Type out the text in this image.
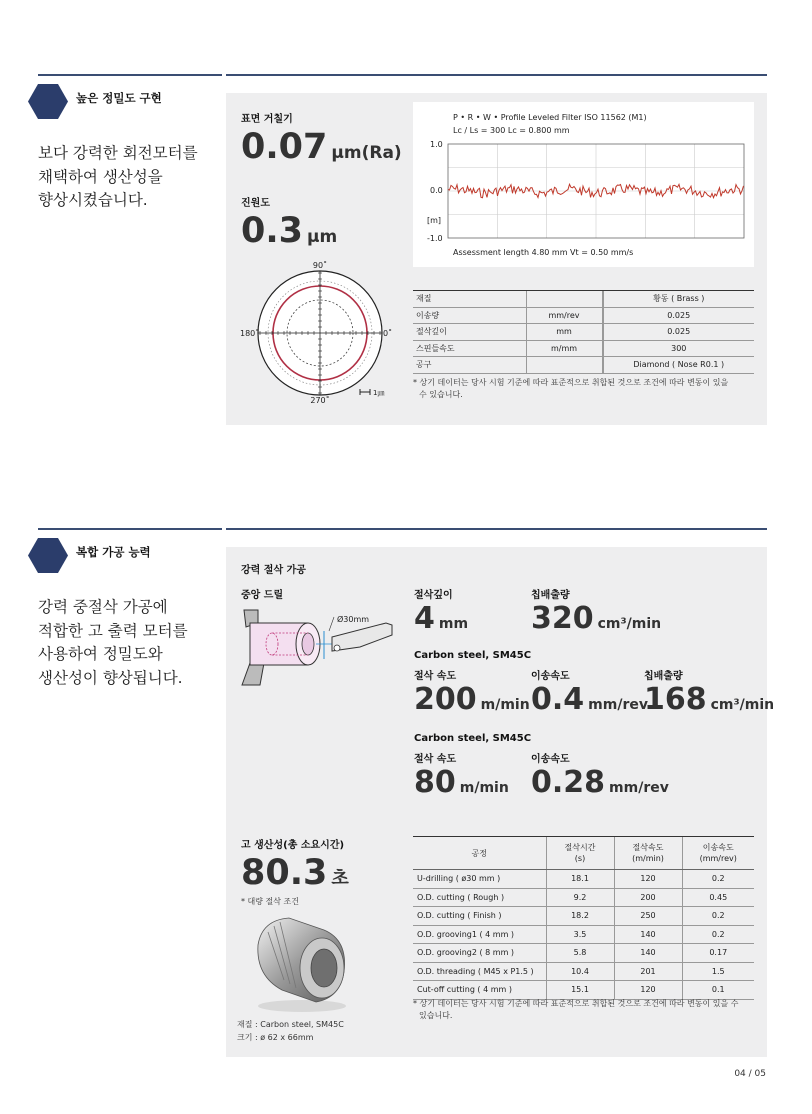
높은 정밀도 구현
보다 강력한 회전모터를
채택하여 생산성을
향상시켰습니다.
표면 거칠기
0.07 μm(Ra)
진원도
0.3 μm
90˚
180˚	0˚
270˚
1㎛
P • R • W • Profile Leveled Filter ISO 11562 (M1)
Lc / Ls = 300 Lc = 0.800 mm
1.0
0.0
[m]
-1.0
Assessment length 4.80 mm Vt = 0.50 mm/s
재질			황동 ( Brass )
이송량	mm/rev		0.025
절삭깊이	mm		0.025
스핀들속도	m/mm		300
공구			Diamond ( Nose R0.1 )
* 상기 데이터는 당사 시험 기준에 따라 표준적으로 취합된 것으로 조건에 따라 변동이 있을
수 있습니다.
복합 가공 능력
강력 중절삭 가공에
적합한 고 출력 모터를
사용하여 정밀도와
생산성이 향상됩니다.
강력 절삭 가공
중앙 드릴
Ø30mm
절삭깊이
4 mm
칩배출량
320 cm³/min
Carbon steel, SM45C
절삭 속도
200 m/min
이송속도
0.4 mm/rev
칩배출량
168 cm³/min
Carbon steel, SM45C
절삭 속도
80 m/min
이송속도
0.28 mm/rev
고 생산성(총 소요시간)
80.3 초
* 대량 절삭 조건
재질 : Carbon steel, SM45C
크기 : ø 62 x 66mm
공정	절삭시간
(s)	절삭속도
(m/min)	이송속도
(mm/rev)
U-drilling ( ø30 mm )	18.1	120	0.2
O.D. cutting ( Rough )	9.2	200	0.45
O.D. cutting ( Finish )	18.2	250	0.2
O.D. grooving1 ( 4 mm )	3.5	140	0.2
O.D. grooving2 ( 8 mm )	5.8	140	0.17
O.D. threading ( M45 x P1.5 )	10.4	201	1.5
Cut-off cutting ( 4 mm )	15.1	120	0.1
* 상기 데이터는 당사 시험 기준에 따라 표준적으로 취합된 것으로 조건에 따라 변동이 있을 수
있습니다.
04 / 05
